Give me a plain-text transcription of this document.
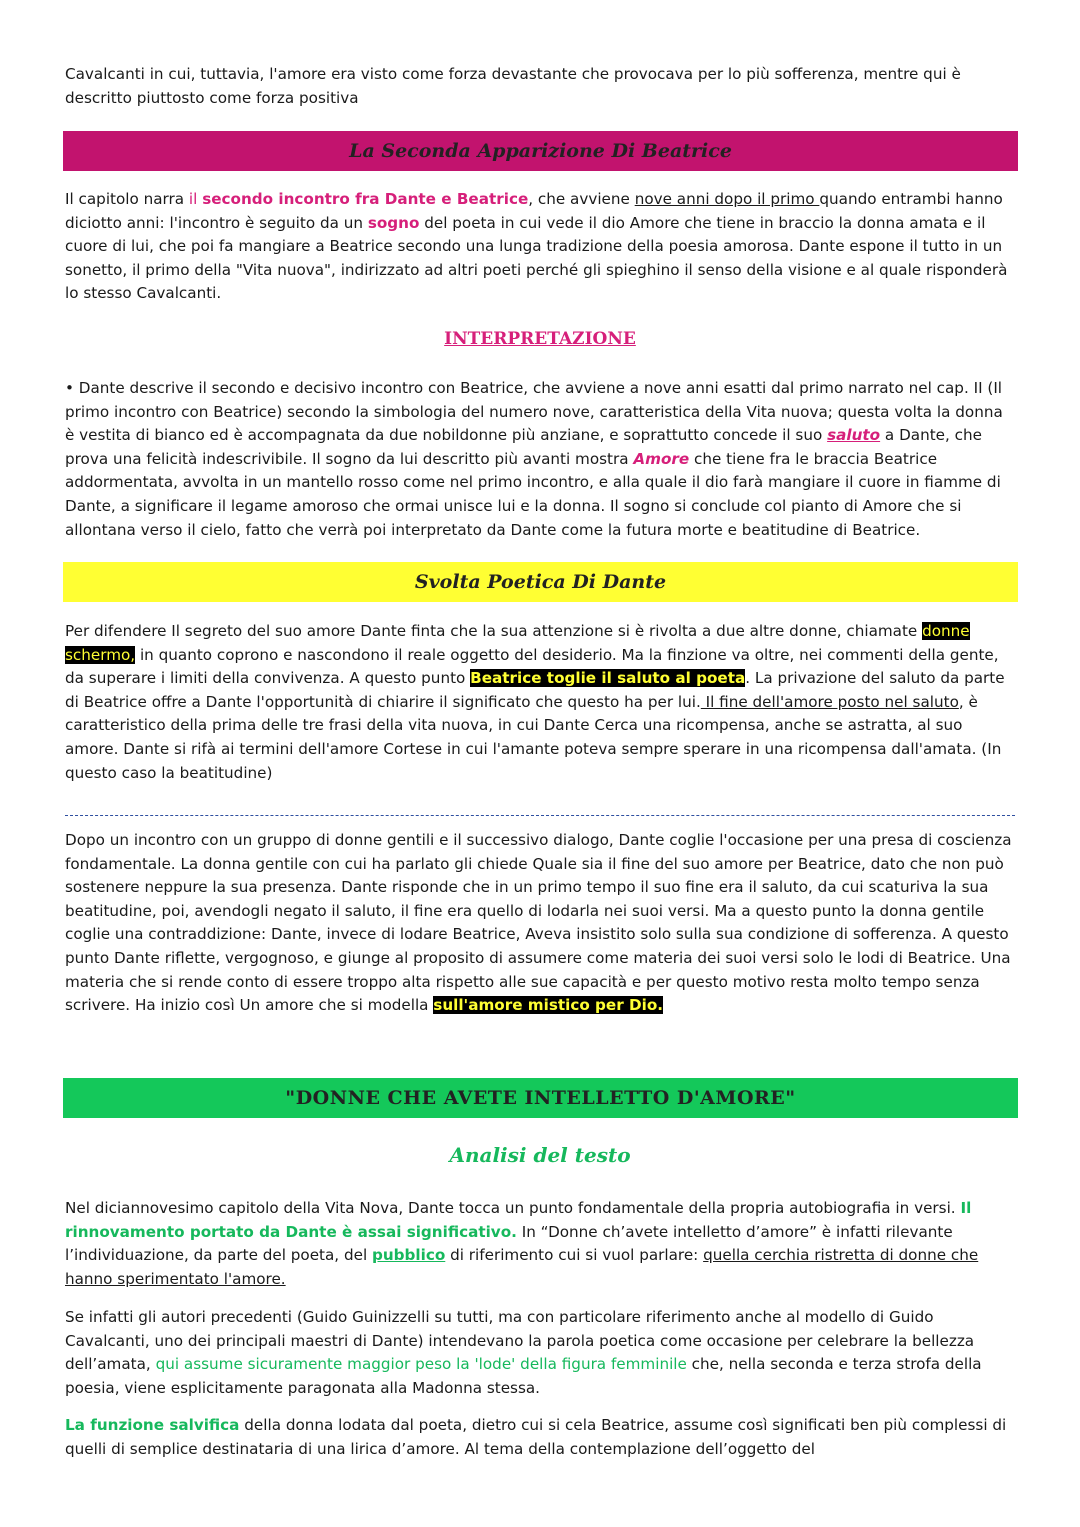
Cavalcanti in cui, tuttavia, l'amore era visto come forza devastante che provocava per lo più sofferenza, mentre qui è descritto piuttosto come forza positiva

La Seconda Apparizione Di Beatrice

Il capitolo narra il secondo incontro fra Dante e Beatrice, che avviene nove anni dopo il primo quando entrambi hanno diciotto anni: l'incontro è seguito da un sogno del poeta in cui vede il dio Amore che tiene in braccio la donna amata e il cuore di lui, che poi fa mangiare a Beatrice secondo una lunga tradizione della poesia amorosa. Dante espone il tutto in un sonetto, il primo della "Vita nuova", indirizzato ad altri poeti perché gli spieghino il senso della visione e al quale risponderà lo stesso Cavalcanti.

INTERPRETAZIONE

• Dante descrive il secondo e decisivo incontro con Beatrice, che avviene a nove anni esatti dal primo narrato nel cap. II (Il primo incontro con Beatrice) secondo la simbologia del numero nove, caratteristica della Vita nuova; questa volta la donna è vestita di bianco ed è accompagnata da due nobildonne più anziane, e soprattutto concede il suo saluto a Dante, che prova una felicità indescrivibile. Il sogno da lui descritto più avanti mostra Amore che tiene fra le braccia Beatrice addormentata, avvolta in un mantello rosso come nel primo incontro, e alla quale il dio farà mangiare il cuore in fiamme di Dante, a significare il legame amoroso che ormai unisce lui e la donna. Il sogno si conclude col pianto di Amore che si allontana verso il cielo, fatto che verrà poi interpretato da Dante come la futura morte e beatitudine di Beatrice.

Svolta Poetica Di Dante

Per difendere Il segreto del suo amore Dante finta che la sua attenzione si è rivolta a due altre donne, chiamate donne schermo, in quanto coprono e nascondono il reale oggetto del desiderio. Ma la finzione va oltre, nei commenti della gente, da superare i limiti della convivenza. A questo punto Beatrice toglie il saluto al poeta. La privazione del saluto da parte di Beatrice offre a Dante l'opportunità di chiarire il significato che questo ha per lui. Il fine dell'amore posto nel saluto, è caratteristico della prima delle tre frasi della vita nuova, in cui Dante Cerca una ricompensa, anche se astratta, al suo amore. Dante si rifà ai termini dell'amore Cortese in cui l'amante poteva sempre sperare in una ricompensa dall'amata. (In questo caso la beatitudine)

Dopo un incontro con un gruppo di donne gentili e il successivo dialogo, Dante coglie l'occasione per una presa di coscienza fondamentale. La donna gentile con cui ha parlato gli chiede Quale sia il fine del suo amore per Beatrice, dato che non può sostenere neppure la sua presenza. Dante risponde che in un primo tempo il suo fine era il saluto, da cui scaturiva la sua beatitudine, poi, avendogli negato il saluto, il fine era quello di lodarla nei suoi versi. Ma a questo punto la donna gentile coglie una contraddizione: Dante, invece di lodare Beatrice, Aveva insistito solo sulla sua condizione di sofferenza. A questo punto Dante riflette, vergognoso, e giunge al proposito di assumere come materia dei suoi versi solo le lodi di Beatrice. Una materia che si rende conto di essere troppo alta rispetto alle sue capacità e per questo motivo resta molto tempo senza scrivere. Ha inizio così Un amore che si modella sull'amore mistico per Dio.

"DONNE CHE AVETE INTELLETTO D'AMORE"
Analisi del testo

Nel diciannovesimo capitolo della Vita Nova, Dante tocca un punto fondamentale della propria autobiografia in versi. Il rinnovamento portato da Dante è assai significativo. In “Donne ch’avete intelletto d’amore” è infatti rilevante l’individuazione, da parte del poeta, del pubblico di riferimento cui si vuol parlare: quella cerchia ristretta di donne che hanno sperimentato l'amore.

Se infatti gli autori precedenti (Guido Guinizzelli su tutti, ma con particolare riferimento anche al modello di Guido Cavalcanti, uno dei principali maestri di Dante) intendevano la parola poetica come occasione per celebrare la bellezza dell’amata, qui assume sicuramente maggior peso la 'lode' della figura femminile che, nella seconda e terza strofa della poesia, viene esplicitamente paragonata alla Madonna stessa.

La funzione salvifica della donna lodata dal poeta, dietro cui si cela Beatrice, assume così significati ben più complessi di quelli di semplice destinataria di una lirica d’amore. Al tema della contemplazione dell’oggetto del
